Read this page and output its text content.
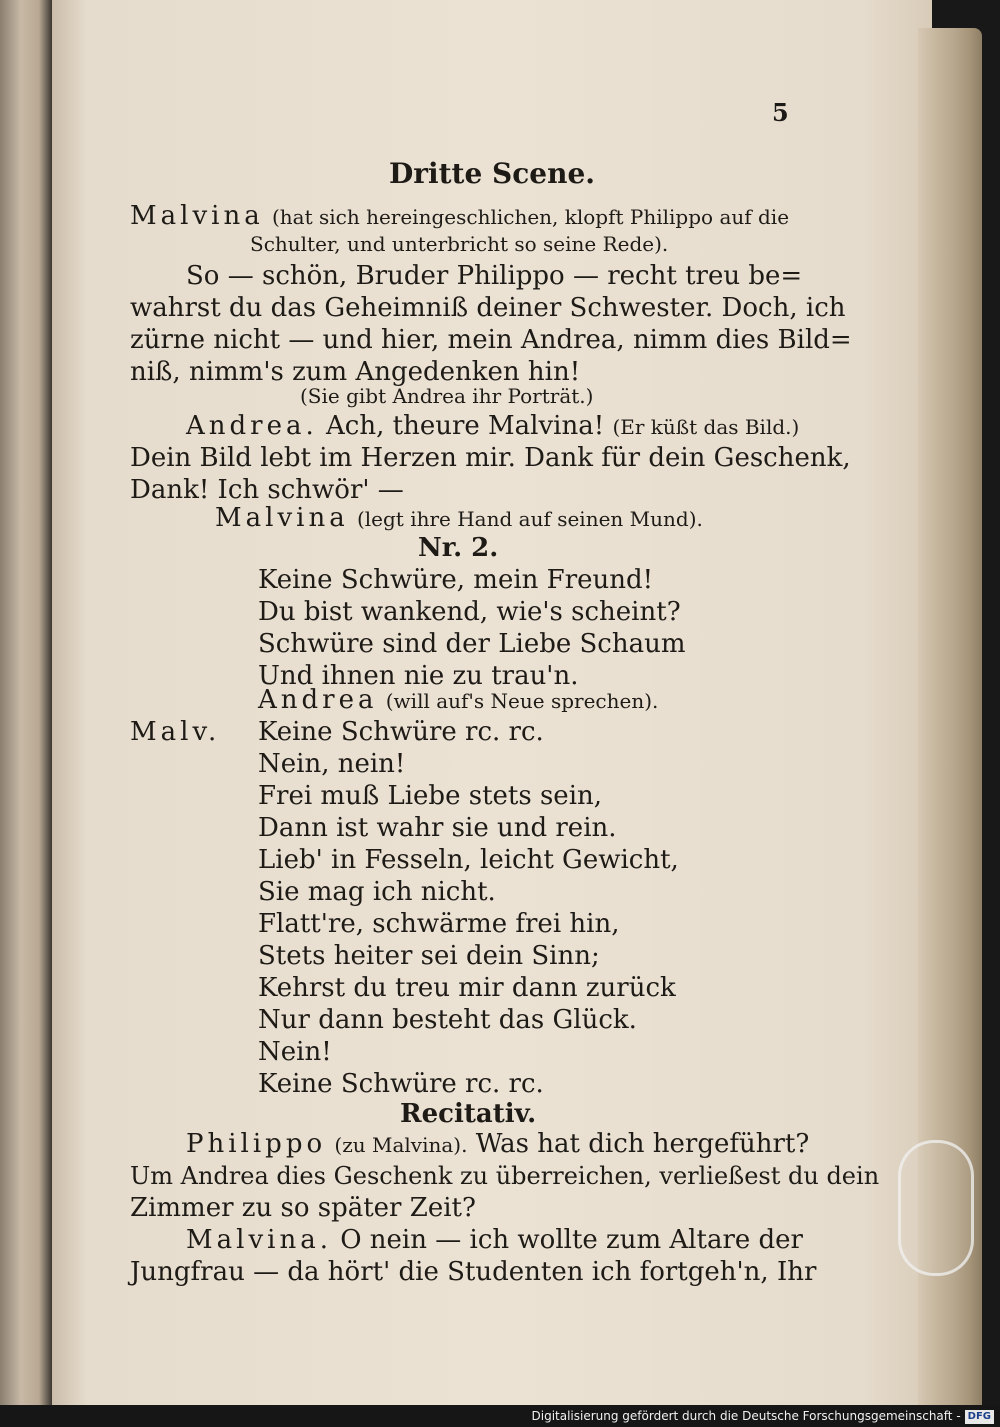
5
Dritte Scene.
Malvina (hat sich hereingeschlichen, klopft Philippo auf die
Schulter, und unterbricht so seine Rede).
So — schön, Bruder Philippo — recht treu be=
wahrst du das Geheimniß deiner Schwester. Doch, ich
zürne nicht — und hier, mein Andrea, nimm dies Bild=
niß, nimm's zum Angedenken hin!
(Sie gibt Andrea ihr Porträt.)
Andrea. Ach, theure Malvina! (Er küßt das Bild.)
Dein Bild lebt im Herzen mir. Dank für dein Geschenk,
Dank! Ich schwör' —
Malvina (legt ihre Hand auf seinen Mund).
Nr. 2.
Keine Schwüre, mein Freund!
Du bist wankend, wie's scheint?
Schwüre sind der Liebe Schaum
Und ihnen nie zu trau'n.
Andrea (will auf's Neue sprechen).
Malv. Keine Schwüre rc. rc.
Nein, nein!
Frei muß Liebe stets sein,
Dann ist wahr sie und rein.
Lieb' in Fesseln, leicht Gewicht,
Sie mag ich nicht.
Flatt're, schwärme frei hin,
Stets heiter sei dein Sinn;
Kehrst du treu mir dann zurück
Nur dann besteht das Glück.
Nein!
Keine Schwüre rc. rc.
Recitativ.
Philippo (zu Malvina). Was hat dich hergeführt?
Um Andrea dies Geschenk zu überreichen, verließest du dein
Zimmer zu so später Zeit?
Malvina. O nein — ich wollte zum Altare der
Jungfrau — da hört' die Studenten ich fortgeh'n, Ihr
Digitalisierung gefördert durch die Deutsche Forschungsgemeinschaft - DFG
